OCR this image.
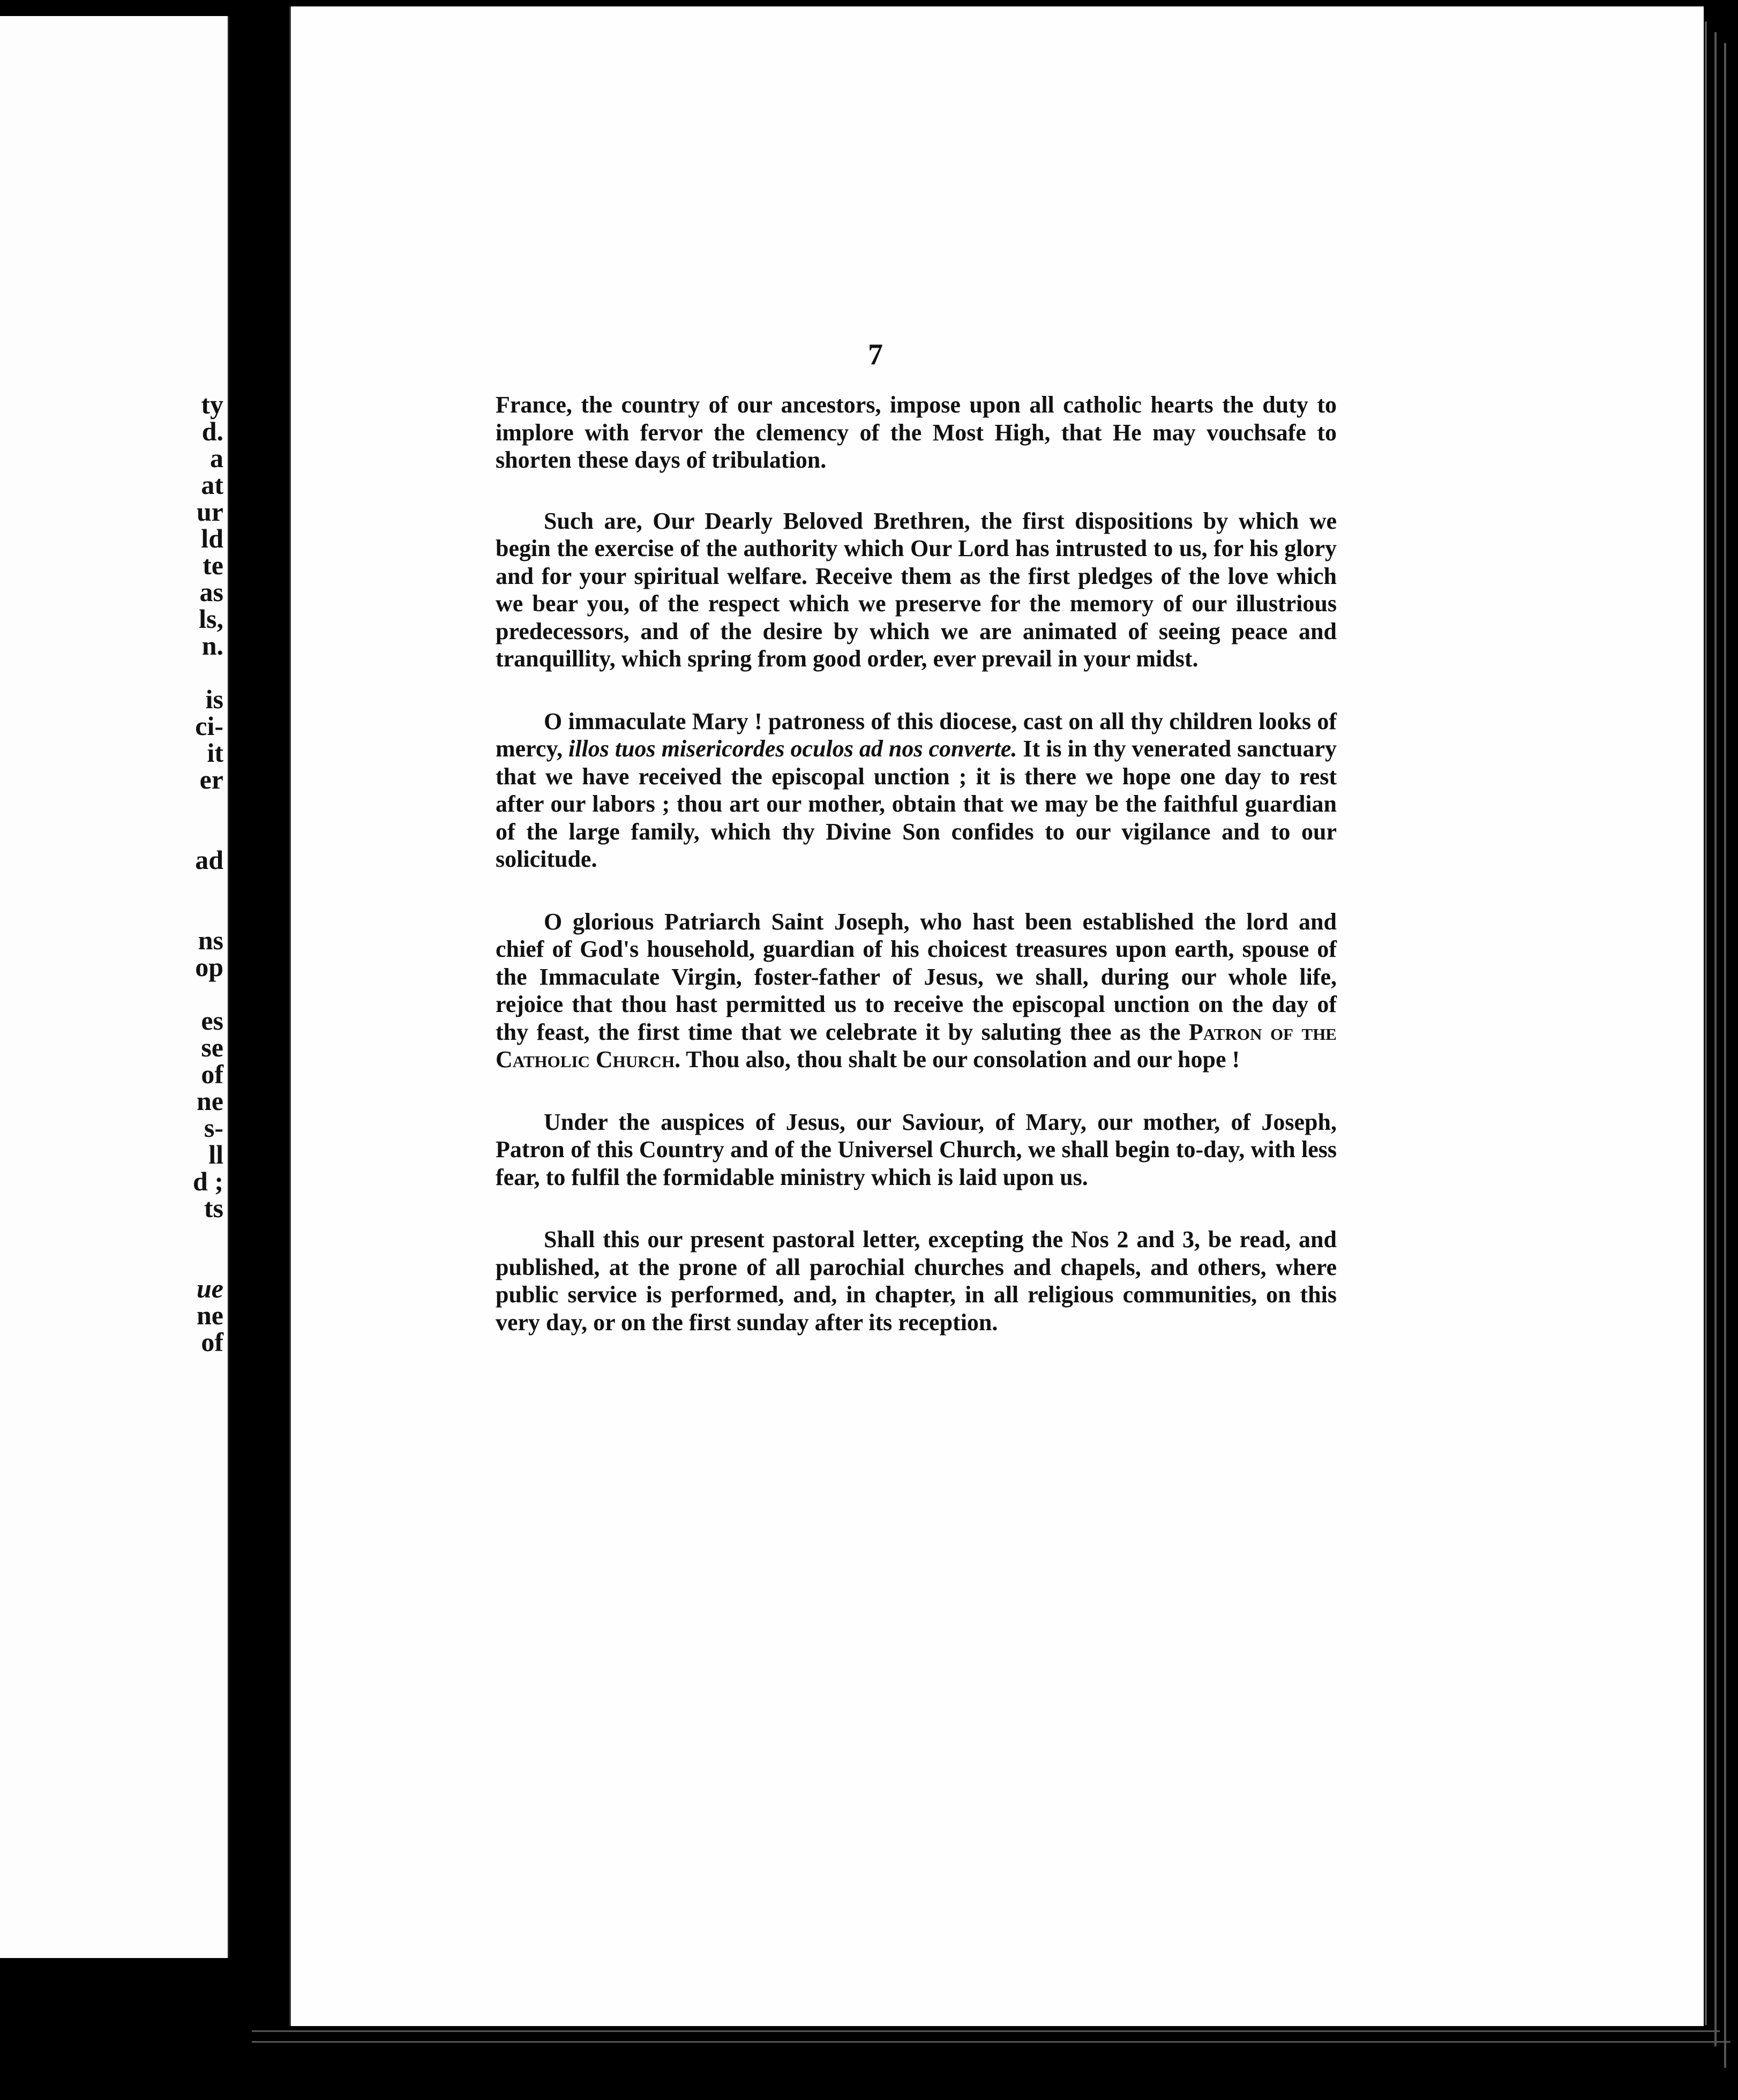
ty
d.
a
at
ur
ld
te
as
ls,
n.
is
ci-
it
er
ad
ns
op
es
se
of
ne
s-
ll
d ;
ts
ue
ne
of
7

France, the country of our ancestors, impose upon all catholic hearts the duty to implore with fervor the clemency of the Most High, that He may vouchsafe to shorten these days of tribulation.

Such are, Our Dearly Beloved Brethren, the first dispositions by which we begin the exercise of the authority which Our Lord has intrusted to us, for his glory and for your spiritual welfare. Receive them as the first pledges of the love which we bear you, of the respect which we preserve for the memory of our illustrious predecessors, and of the desire by which we are animated of seeing peace and tranquillity, which spring from good order, ever prevail in your midst.

O immaculate Mary ! patroness of this diocese, cast on all thy children looks of mercy, illos tuos misericordes oculos ad nos converte. It is in thy venerated sanctuary that we have received the episcopal unction ; it is there we hope one day to rest after our labors ; thou art our mother, obtain that we may be the faithful guardian of the large family, which thy Divine Son confides to our vigilance and to our solicitude.

O glorious Patriarch Saint Joseph, who hast been established the lord and chief of God's household, guardian of his choicest treasures upon earth, spouse of the Immaculate Virgin, foster-father of Jesus, we shall, during our whole life, rejoice that thou hast permitted us to receive the episcopal unction on the day of thy feast, the first time that we celebrate it by saluting thee as the Patron of the Catholic Church. Thou also, thou shalt be our consolation and our hope !

Under the auspices of Jesus, our Saviour, of Mary, our mother, of Joseph, Patron of this Country and of the Universel Church, we shall begin to-day, with less fear, to fulfil the formidable ministry which is laid upon us.

Shall this our present pastoral letter, excepting the Nos 2 and 3, be read, and published, at the prone of all parochial churches and chapels, and others, where public service is performed, and, in chapter, in all religious communities, on this very day, or on the first sunday after its reception.
